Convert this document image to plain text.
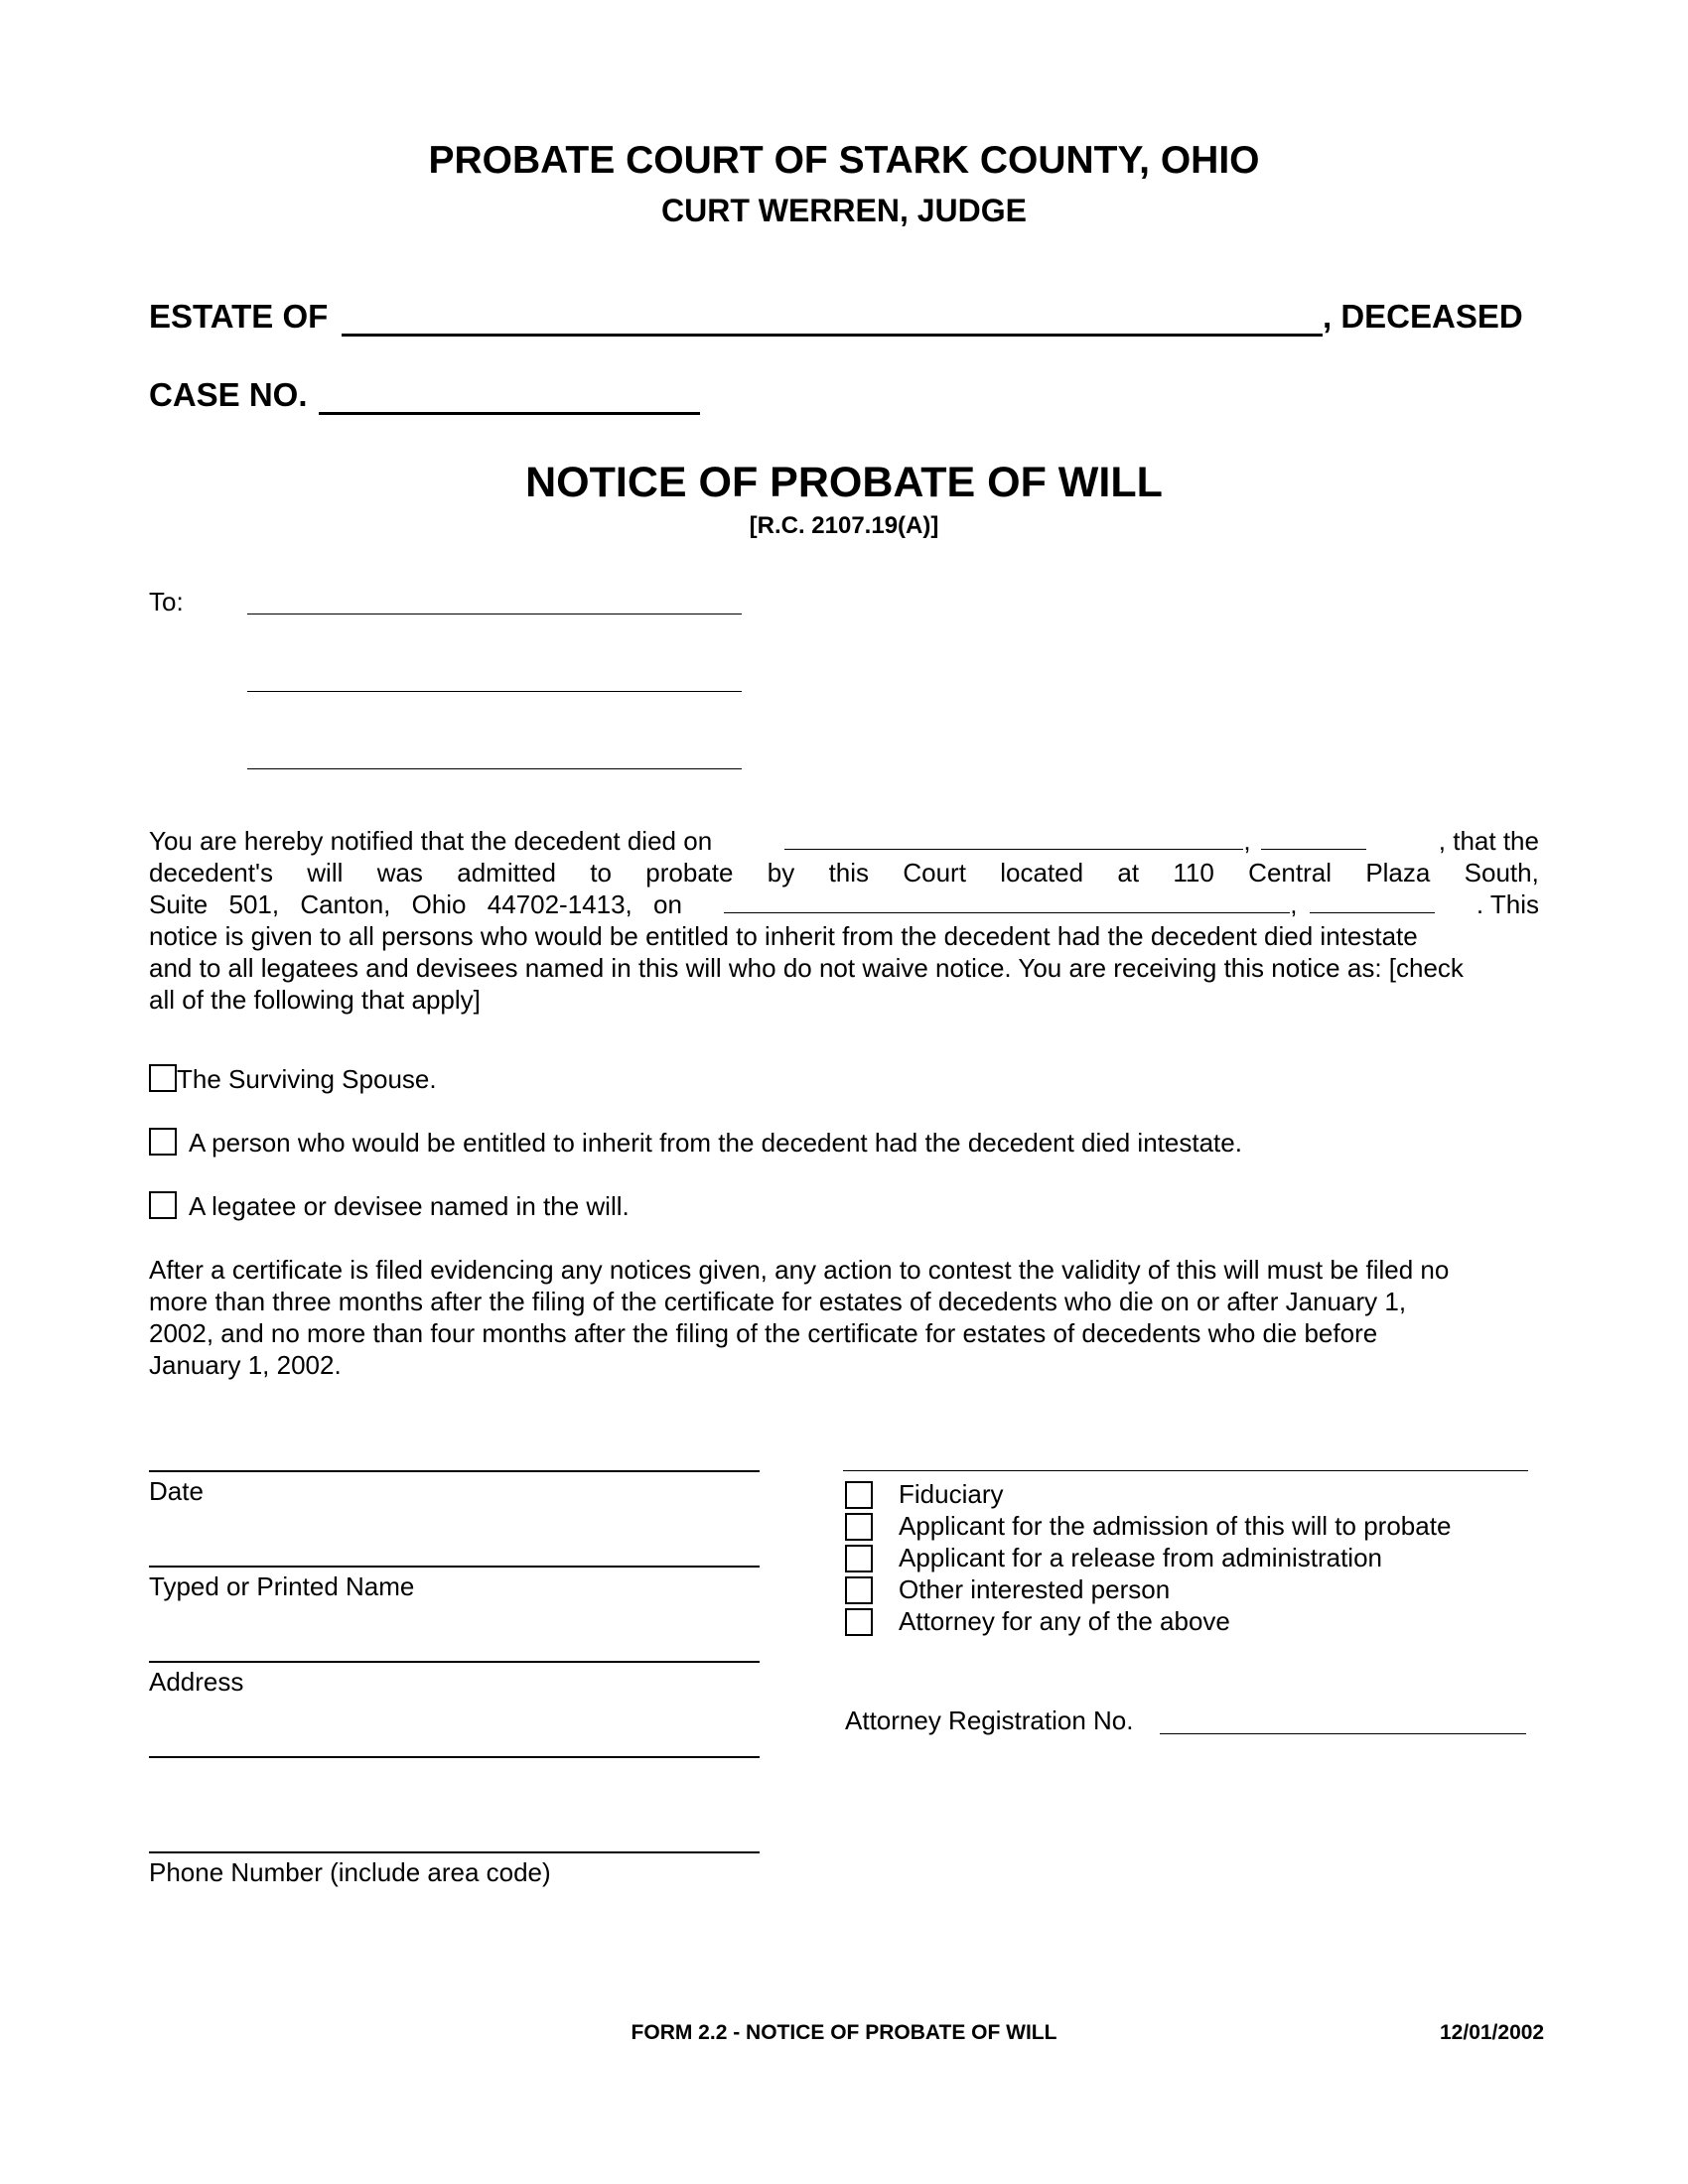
PROBATE COURT OF STARK COUNTY, OHIO
CURT WERREN, JUDGE
ESTATE OF	, DECEASED
CASE NO.
NOTICE OF PROBATE OF WILL
[R.C. 2107.19(A)]
To:
You are hereby notified that the decedent died on	,	, that the
decedent's will was admitted to probate by this Court located at 110 Central Plaza South,
Suite 501, Canton, Ohio 44702-1413, on	,	. This
notice is given to all persons who would be entitled to inherit from the decedent had the decedent died intestate
and to all legatees and devisees named in this will who do not waive notice. You are receiving this notice as: [check
all of the following that apply]
The Surviving Spouse.
A person who would be entitled to inherit from the decedent had the decedent died intestate.
A legatee or devisee named in the will.
After a certificate is filed evidencing any notices given, any action to contest the validity of this will must be filed no
more than three months after the filing of the certificate for estates of decedents who die on or after January 1,
2002, and no more than four months after the filing of the certificate for estates of decedents who die before
January 1, 2002.
Date
Typed or Printed Name
Address
Phone Number (include area code)
Fiduciary
Applicant for the admission of this will to probate
Applicant for a release from administration
Other interested person
Attorney for any of the above
Attorney Registration No.
FORM 2.2 - NOTICE OF PROBATE OF WILL	12/01/2002
